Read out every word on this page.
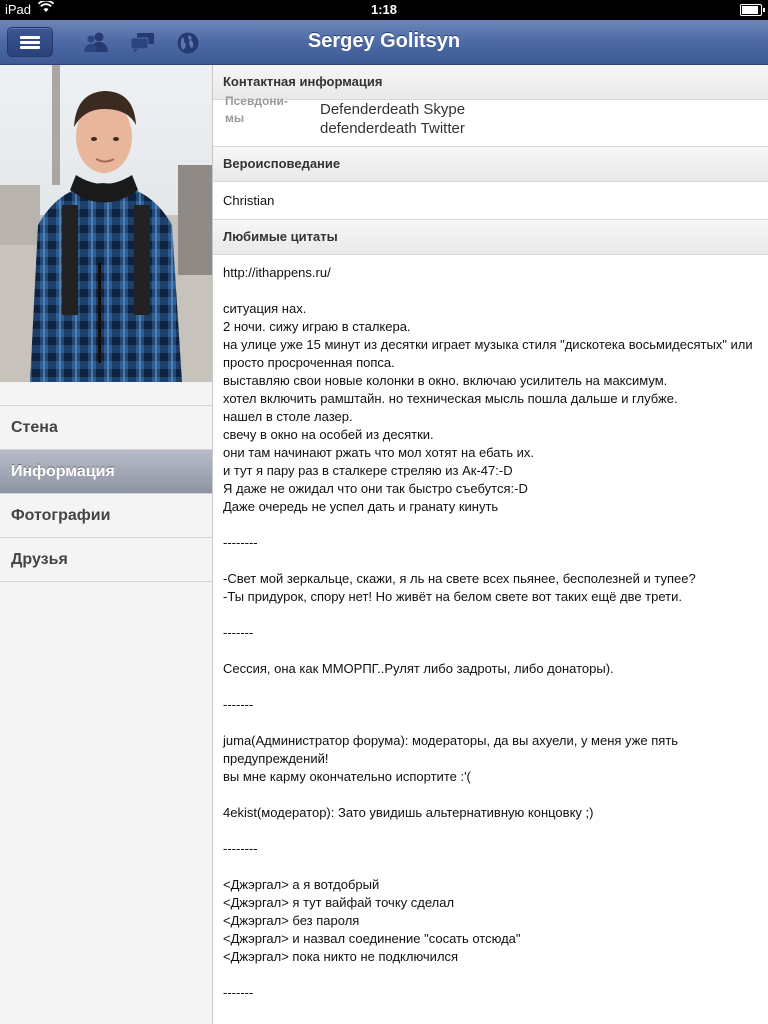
iPad	1:18
Sergey Golitsyn
Стена
Информация
Фотографии
Друзья
Контактная информация
Псевдони-
мы	Defenderdeath Skype
defenderdeath Twitter
Вероисповедание
Christian
Любимые цитаты
http://ithappens.ru/

ситуация нах.
2 ночи. сижу играю в сталкера.
на улице уже 15 минут из десятки играет музыка стиля "дискотека восьмидесятых" или просто просроченная попса.
выставляю свои новые колонки в окно. включаю усилитель на максимум.
хотел включить рамштайн. но техническая мысль пошла дальше и глубже.
нашел в столе лазер.
свечу в окно на особей из десятки.
они там начинают ржать что мол хотят на ебать их.
и тут я пару раз в сталкере стреляю из Ак-47:-D
Я даже не ожидал что они так быстро съебутся:-D
Даже очередь не успел дать и гранату кинуть

--------

-Свет мой зеркальце, скажи, я ль на свете всех пьянее, бесполезней и тупее?
-Ты придурок, спору нет! Но живёт на белом свете вот таких ещё две трети.

-------

Сессия, она как ММОРПГ..Рулят либо задроты, либо донаторы).

-------

juma(Администратор форума): модераторы, да вы ахуели, у меня уже пять предупреждений!
вы мне карму окончательно испортите :'(

4ekist(модератор): Зато увидишь альтернативную концовку ;)

--------

<Джэргал> а я вотдобрый
<Джэргал> я тут вайфай точку сделал
<Джэргал> без пароля
<Джэргал> и назвал соединение "сосать отсюда"
<Джэргал> пока никто не подключился

-------
